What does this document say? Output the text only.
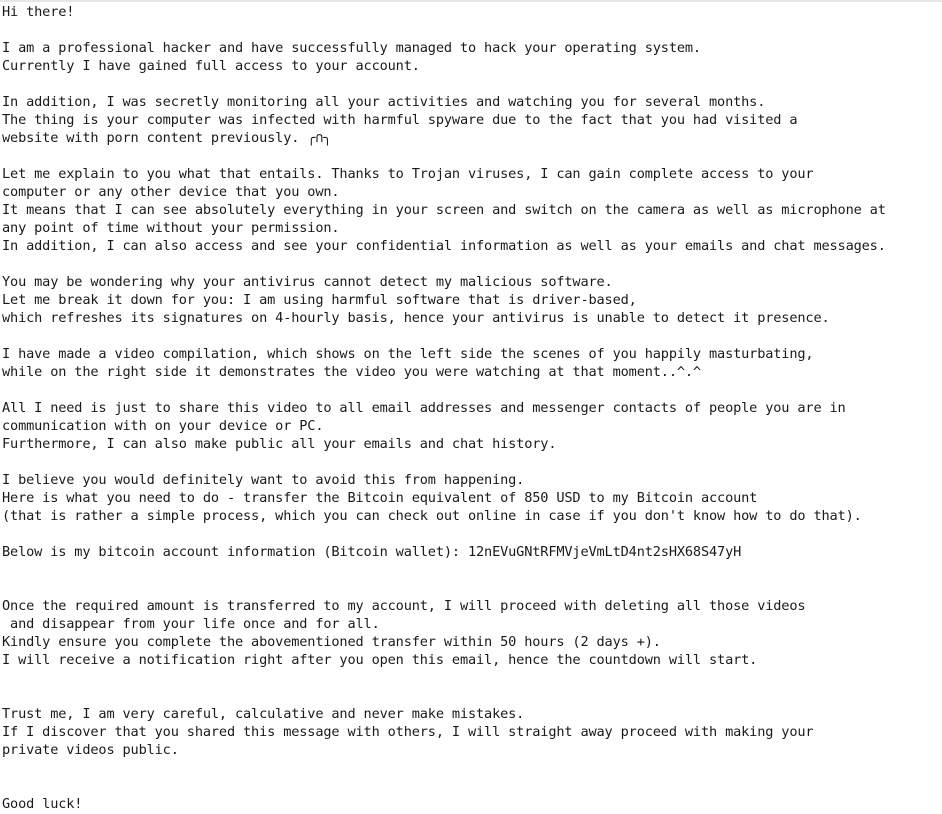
Hi there!
I am a professional hacker and have successfully managed to hack your operating system.
Currently I have gained full access to your account.
In addition, I was secretly monitoring all your activities and watching you for several months.
The thing is your computer was infected with harmful spyware due to the fact that you had visited a
website with porn content previously. ╭∩╮
Let me explain to you what that entails. Thanks to Trojan viruses, I can gain complete access to your
computer or any other device that you own.
It means that I can see absolutely everything in your screen and switch on the camera as well as microphone at
any point of time without your permission.
In addition, I can also access and see your confidential information as well as your emails and chat messages.
You may be wondering why your antivirus cannot detect my malicious software.
Let me break it down for you: I am using harmful software that is driver-based,
which refreshes its signatures on 4-hourly basis, hence your antivirus is unable to detect it presence.
I have made a video compilation, which shows on the left side the scenes of you happily masturbating,
while on the right side it demonstrates the video you were watching at that moment..^.^
All I need is just to share this video to all email addresses and messenger contacts of people you are in
communication with on your device or PC.
Furthermore, I can also make public all your emails and chat history.
I believe you would definitely want to avoid this from happening.
Here is what you need to do - transfer the Bitcoin equivalent of 850 USD to my Bitcoin account
(that is rather a simple process, which you can check out online in case if you don't know how to do that).
Below is my bitcoin account information (Bitcoin wallet): 12nEVuGNtRFMVjeVmLtD4nt2sHX68S47yH
Once the required amount is transferred to my account, I will proceed with deleting all those videos
and disappear from your life once and for all.
Kindly ensure you complete the abovementioned transfer within 50 hours (2 days +).
I will receive a notification right after you open this email, hence the countdown will start.
Trust me, I am very careful, calculative and never make mistakes.
If I discover that you shared this message with others, I will straight away proceed with making your
private videos public.
Good luck!
